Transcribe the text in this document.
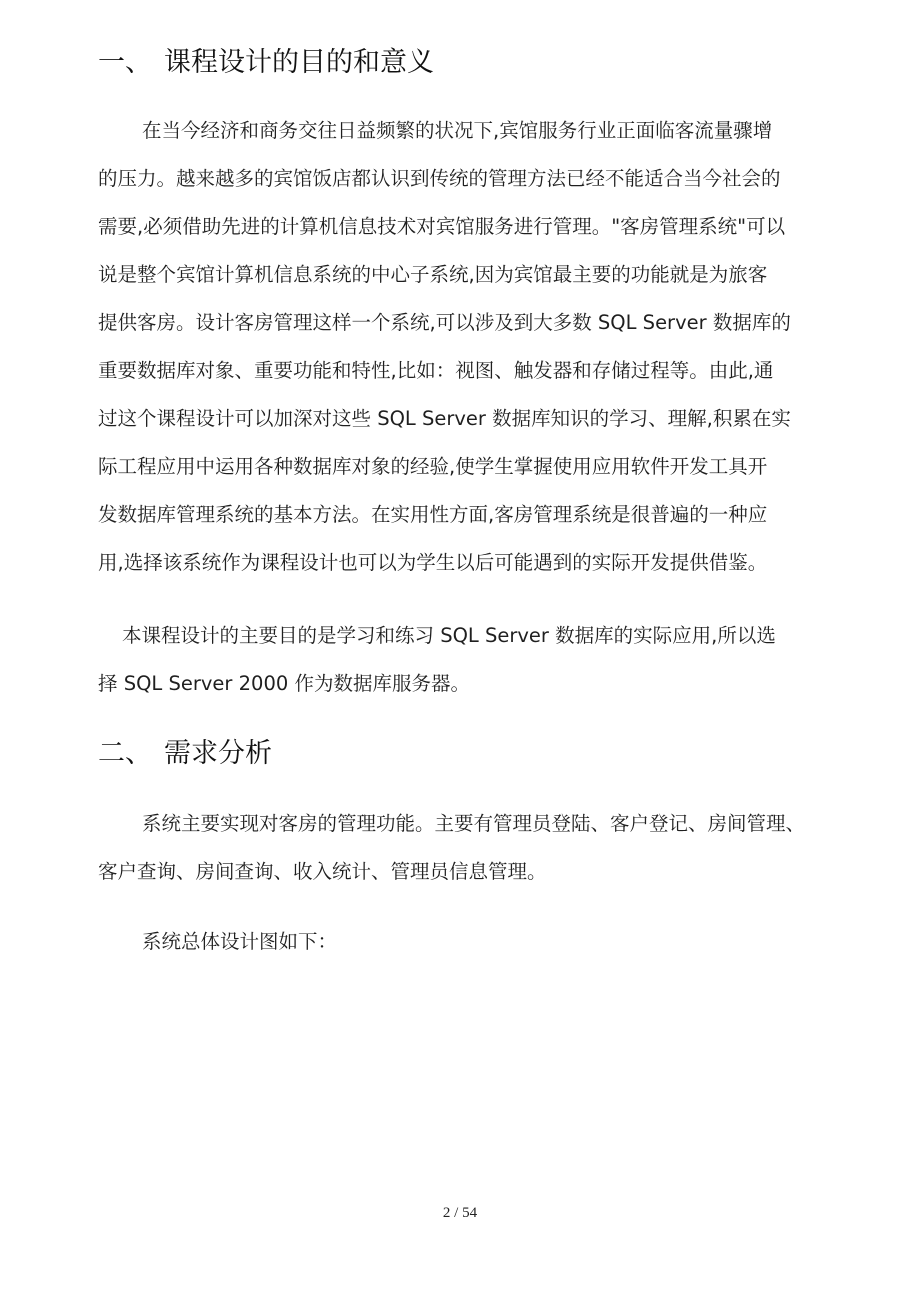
一、 课程设计的目的和意义
在当今经济和商务交往日益频繁的状况下,宾馆服务行业正面临客流量骤增
的压力。越来越多的宾馆饭店都认识到传统的管理方法已经不能适合当今社会的
需要,必须借助先进的计算机信息技术对宾馆服务进行管理。"客房管理系统"可以
说是整个宾馆计算机信息系统的中心子系统,因为宾馆最主要的功能就是为旅客
提供客房。设计客房管理这样一个系统,可以涉及到大多数 SQL Server 数据库的
重要数据库对象、重要功能和特性,比如：视图、触发器和存储过程等。由此,通
过这个课程设计可以加深对这些 SQL Server 数据库知识的学习、理解,积累在实
际工程应用中运用各种数据库对象的经验,使学生掌握使用应用软件开发工具开
发数据库管理系统的基本方法。在实用性方面,客房管理系统是很普遍的一种应
用,选择该系统作为课程设计也可以为学生以后可能遇到的实际开发提供借鉴。
本课程设计的主要目的是学习和练习 SQL Server 数据库的实际应用,所以选
择 SQL Server 2000 作为数据库服务器。
二、 需求分析
系统主要实现对客房的管理功能。主要有管理员登陆、客户登记、房间管理、
客户查询、房间查询、收入统计、管理员信息管理。
系统总体设计图如下：
2 / 54
